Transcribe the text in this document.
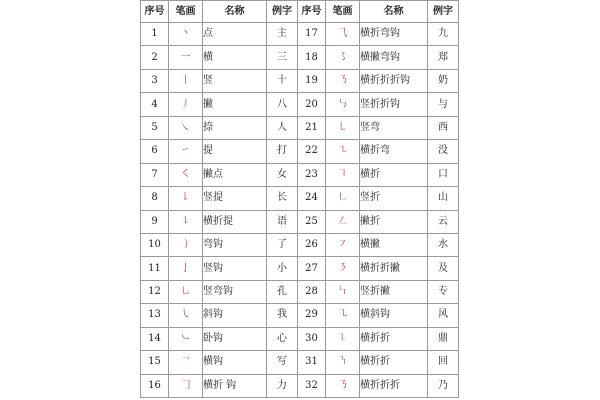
序号	笔画	名称	例字	序号	笔画	名称	例字
1	丶	点	主	17	⺄	横折弯钩	九
2	一	横	三	18	㇌	横撇弯钩	郑
3	丨	竖	十	19	㇡	横折折折钩	奶
4	丿	撇	八	20	㇉	竖折折钩	与
5	㇏	捺	人	21	㇄	竖弯	西
6	㇀	提	打	22	㇍	横折弯	没
7	㇛	撇点	女	23	㇕	横折	口
8	㇙	竖提	长	24	㇗	竖折	山
9	㇊	横折提	语	25	㇜	撇折	云
10	㇁	弯钩	了	26	㇇	横撇	水
11	亅	竖钩	小	27	㇋	横折折撇	及
12	㇟	竖弯钩	孔	28	㇞	竖折撇	专
13	㇂	斜钩	我	29	㇈	横斜钩	风
14	㇃	卧钩	心	30	㇅	横折折	鼎
15	㇖	横钩	写	31	㇎	横折折	回
16	𠃌	横折 钩	力	32	㇡	横折折折	乃
